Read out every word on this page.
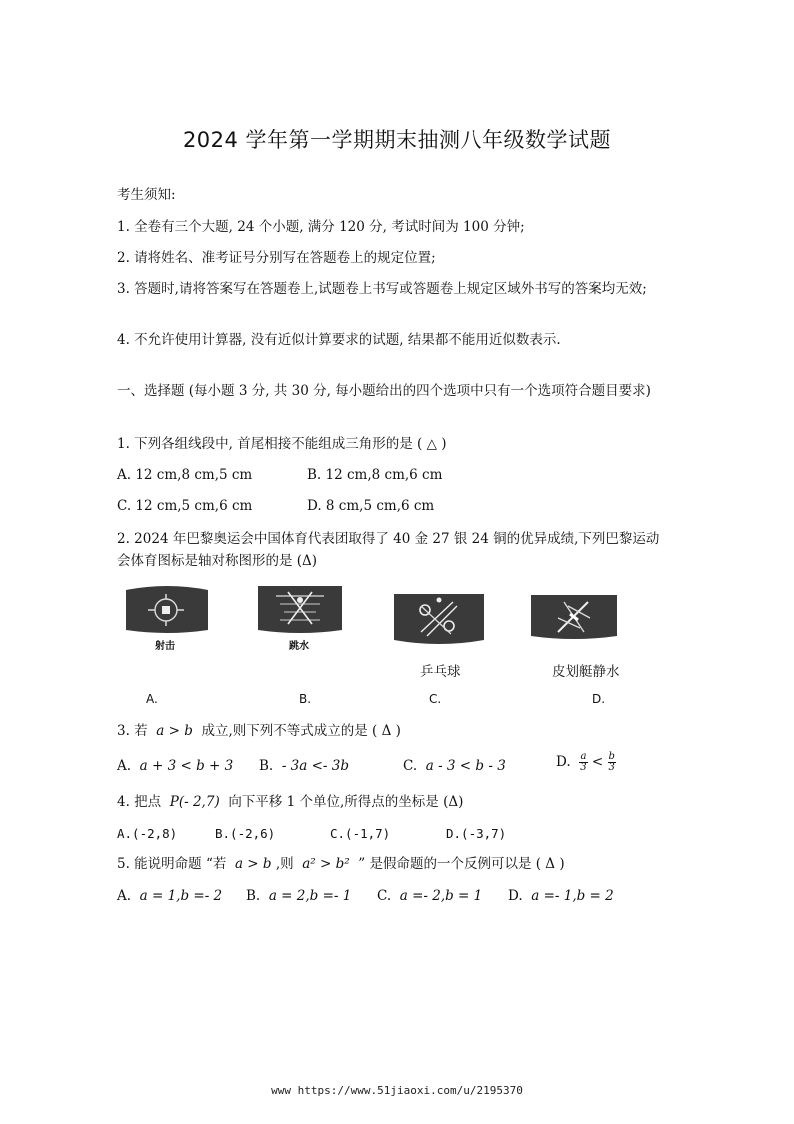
2024 学年第一学期期末抽测八年级数学试题
考生须知:
1. 全卷有三个大题, 24 个小题, 满分 120 分, 考试时间为 100 分钟;
2. 请将姓名、准考证号分别写在答题卷上的规定位置;
3. 答题时,请将答案写在答题卷上,试题卷上书写或答题卷上规定区域外书写的答案均无效;
4. 不允许使用计算器, 没有近似计算要求的试题, 结果都不能用近似数表示.
一、选择题 (每小题 3 分, 共 30 分, 每小题给出的四个选项中只有一个选项符合题目要求)
1. 下列各组线段中, 首尾相接不能组成三角形的是 ( △ )
A. 12 cm,8 cm,5 cm	B. 12 cm,8 cm,6 cm
C. 12 cm,5 cm,6 cm	D. 8 cm,5 cm,6 cm
2. 2024 年巴黎奥运会中国体育代表团取得了 40 金 27 银 24 铜的优异成绩,下列巴黎运动会体育图标是轴对称图形的是 (Δ)
射击
A.
跳水
B.
乒乓球
C.
皮划艇静水
D.
3. 若 a > b 成立,则下列不等式成立的是 ( Δ )
A. a + 3 < b + 3 B. - 3a <- 3b	C. a - 3 < b - 3	D. $\frac{a}{3} < \frac{b}{3}$
4. 把点 P(- 2,7) 向下平移 1 个单位,所得点的坐标是 (Δ)
A.(-2,8)	B.(-2,6)	C.(-1,7)	D.(-3,7)
5. 能说明命题 “若 a > b ,则 a² > b² ” 是假命题的一个反例可以是 ( Δ )
A. a = 1,b =- 2 B. a = 2,b =- 1 C. a =- 2,b = 1 D. a =- 1,b = 2
www https://www.51jiaoxi.com/u/2195370
